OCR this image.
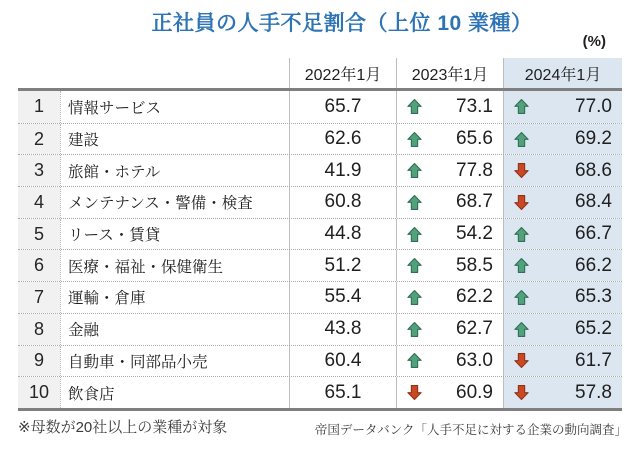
正社員の人手不足割合（上位 10 業種）
(%)
2022年1月	2023年1月	2024年1月
1	情報サービス	65.7	73.1	77.0
2	建設	62.6	65.6	69.2
3	旅館・ホテル	41.9	77.8	68.6
4	メンテナンス・警備・検査	60.8	68.7	68.4
5	リース・賃貸	44.8	54.2	66.7
6	医療・福祉・保健衛生	51.2	58.5	66.2
7	運輸・倉庫	55.4	62.2	65.3
8	金融	43.8	62.7	65.2
9	自動車・同部品小売	60.4	63.0	61.7
10	飲食店	65.1	60.9	57.8
※母数が20社以上の業種が対象	帝国データバンク「人手不足に対する企業の動向調査」
